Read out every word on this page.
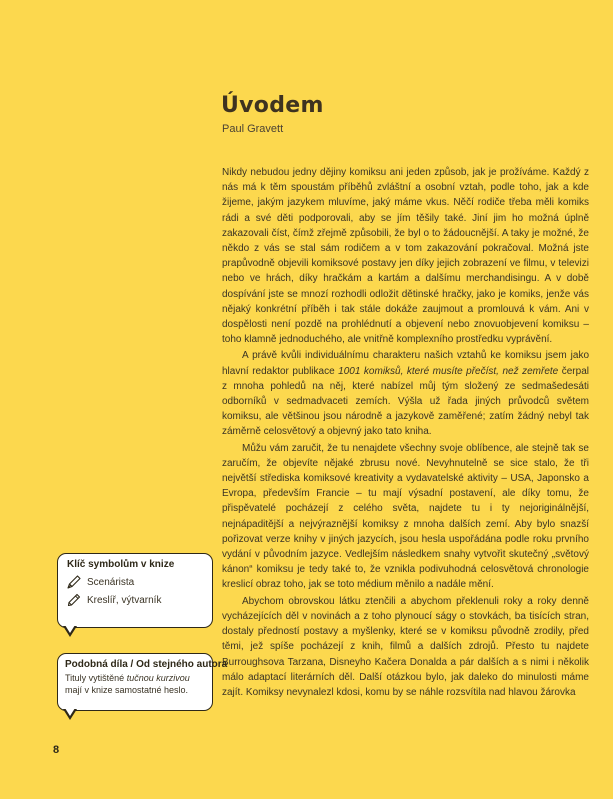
Úvodem
Paul Gravett

Nikdy nebudou jedny dějiny komiksu ani jeden způsob, jak je prožíváme. Každý z nás má k těm spoustám příběhů zvláštní a osobní vztah, podle toho, jak a kde žijeme, jakým jazykem mluvíme, jaký máme vkus. Něčí rodiče třeba měli komiks rádi a své děti podporovali, aby se jím těšily také. Jiní jim ho možná úplně zakazovali číst, čímž zřejmě způsobili, že byl o to žádoucnější. A taky je možné, že někdo z vás se stal sám rodičem a v tom zakazování pokračoval. Možná jste prapůvodně objevili komiksové postavy jen díky jejich zobrazení ve filmu, v televizi nebo ve hrách, díky hračkám a kartám a dalšímu merchandisingu. A v době dospívání jste se mnozí rozhodli odložit dětinské hračky, jako je komiks, jenže vás nějaký konkrétní příběh i tak stále dokáže zaujmout a promlouvá k vám. Ani v dospělosti není pozdě na prohlédnutí a objevení nebo znovuobjevení komiksu – toho klamně jednoduchého, ale vnitřně komplexního prostředku vyprávění.

A právě kvůli individuálnímu charakteru našich vztahů ke komiksu jsem jako hlavní redaktor publikace 1001 komiksů, které musíte přečíst, než zemřete čerpal z mnoha pohledů na něj, které nabízel můj tým složený ze sedmašedesáti odborníků v sedmadvaceti zemích. Výšla už řada jiných průvodců světem komiksu, ale většinou jsou národně a jazykově zaměřené; zatím žádný nebyl tak záměrně celosvětový a objevný jako tato kniha.

Můžu vám zaručit, že tu nenajdete všechny svoje oblíbence, ale stejně tak se zaručím, že objevíte nějaké zbrusu nové. Nevyhnutelně se sice stalo, že tři největší střediska komiksové kreativity a vydavatelské aktivity – USA, Japonsko a Evropa, především Francie – tu mají výsadní postavení, ale díky tomu, že přispěvatelé pocházejí z celého světa, najdete tu i ty nejoriginálnější, nejnápaditější a nejvýraznější komiksy z mnoha dalších zemí. Aby bylo snazší pořizovat verze knihy v jiných jazycích, jsou hesla uspořádána podle roku prvního vydání v původním jazyce. Vedlejším následkem snahy vytvořit skutečný „světový kánon“ komiksu je tedy také to, že vznikla podivuhodná celosvětová chronologie kreslicí obraz toho, jak se toto médium měnilo a nadále mění.

Abychom obrovskou látku ztenčili a abychom překlenuli roky a roky denně vycházejících děl v novinách a z toho plynoucí ságy o stovkách, ba tisících stran, dostaly předností postavy a myšlenky, které se v komiksu původně zrodily, před těmi, jež spíše pocházejí z knih, filmů a dalších zdrojů. Přesto tu najdete Burroughsova Tarzana, Disneyho Kačera Donalda a pár dalších a s nimi i několik málo adaptací literárních děl. Další otázkou bylo, jak daleko do minulosti máme zajít. Komiksy nevynalezl kdosi, komu by se náhle rozsvítila nad hlavou žárovka

Klíč symbolům v knize
Scenárista
Kreslíř, výtvarník
Podobná díla / Od stejného autora
Tituly vytištěné tučnou kurzivou mají v knize samostatné heslo.
8
